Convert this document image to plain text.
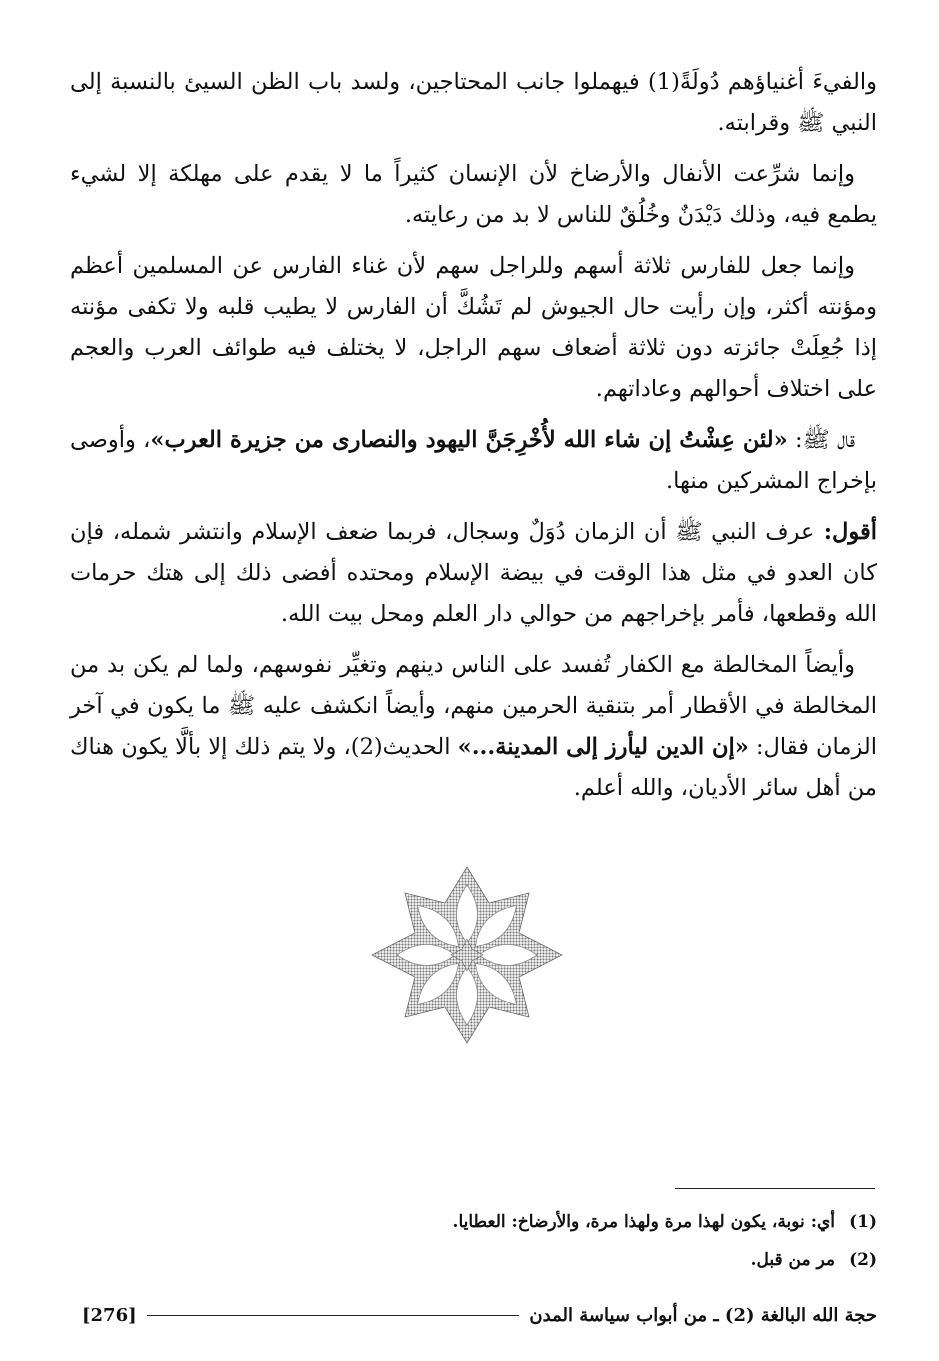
والفيءَ أغنياؤهم دُولَةً(1) فيهملوا جانب المحتاجين، ولسد باب الظن السيئ بالنسبة إلى النبي ﷺ وقرابته.

وإنما شرِّعت الأنفال والأرضاخ لأن الإنسان كثيراً ما لا يقدم على مهلكة إلا لشيء يطمع فيه، وذلك دَيْدَنٌ وخُلُقٌ للناس لا بد من رعايته.

وإنما جعل للفارس ثلاثة أسهم وللراجل سهم لأن غناء الفارس عن المسلمين أعظم ومؤنته أكثر، وإن رأيت حال الجيوش لم تَشُكَّ أن الفارس لا يطيب قلبه ولا تكفى مؤنته إذا جُعِلَتْ جائزته دون ثلاثة أضعاف سهم الراجل، لا يختلف فيه طوائف العرب والعجم على اختلاف أحوالهم وعاداتهم.

قال ﷺ: «لئن عِشْتُ إن شاء الله لأُخْرِجَنَّ اليهود والنصارى من جزيرة العرب»، وأوصى بإخراج المشركين منها.

أقول: عرف النبي ﷺ أن الزمان دُوَلٌ وسجال، فربما ضعف الإسلام وانتشر شمله، فإن كان العدو في مثل هذا الوقت في بيضة الإسلام ومحتده أفضى ذلك إلى هتك حرمات الله وقطعها، فأمر بإخراجهم من حوالي دار العلم ومحل بيت الله.

وأيضاً المخالطة مع الكفار تُفسد على الناس دينهم وتغيِّر نفوسهم، ولما لم يكن بد من المخالطة في الأقطار أمر بتنقية الحرمين منهم، وأيضاً انكشف عليه ﷺ ما يكون في آخر الزمان فقال: «إن الدين ليأرز إلى المدينة...» الحديث(2)، ولا يتم ذلك إلا بألَّا يكون هناك من أهل سائر الأديان، والله أعلم.

(1)
أي: نوبة، يكون لهذا مرة ولهذا مرة، والأرضاخ: العطايا.
(2)
مر من قبل.
حجة الله البالغة (2) ـ من أبواب سياسة المدن
[276]
